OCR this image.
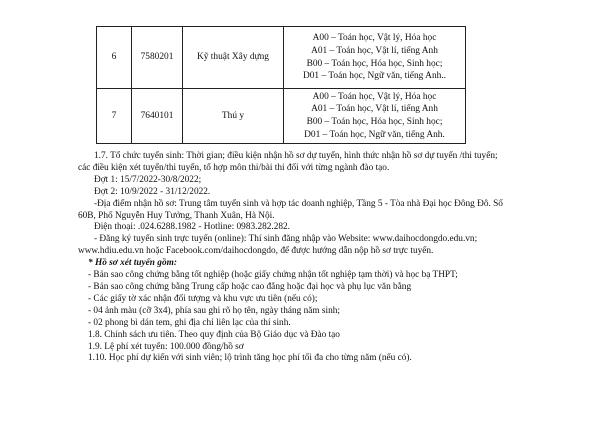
6	7580201	Kỹ thuật Xây dựng	A00 – Toán học, Vật lý, Hóa học
A01 – Toán học, Vật lí, tiếng Anh
B00 – Toán học, Hóa học, Sinh học;
D01 – Toán học, Ngữ văn, tiếng Anh..

7	7640101	Thú y	A00 – Toán học, Vật lý, Hóa học
A01 – Toán học, Vật lí, tiếng Anh
B00 – Toán học, Hóa học, Sinh học;
D01 – Toán học, Ngữ văn, tiếng Anh.
1.7. Tổ chức tuyển sinh: Thời gian; điều kiện nhận hồ sơ dự tuyển, hình thức nhận hồ sơ dự tuyển /thi tuyển;
các điều kiện xét tuyển/thi tuyển, tổ hợp môn thi/bài thi đối với từng ngành đào tạo.
Đợt 1: 15/7/2022-30/8/2022;
Đợt 2: 10/9/2022 - 31/12/2022.
-Địa điểm nhận hồ sơ: Trung tâm tuyển sinh và hợp tác doanh nghiệp, Tầng 5 - Tòa nhà Đại học Đông Đô. Số
60B, Phố Nguyễn Huy Tưởng, Thanh Xuân, Hà Nội.
Điện thoại: .024.6288.1982 - Hotline: 0983.282.282.
- Đăng ký tuyển sinh trực tuyến (online): Thí sinh đăng nhập vào Website: www.daihocdongdo.edu.vn;
www.hdiu.edu.vn hoặc Facebook.com/daihocdongdo, để được hướng dẫn nộp hồ sơ trực tuyến.
* Hồ sơ xét tuyển gồm:
- Bản sao công chứng bằng tốt nghiệp (hoặc giấy chứng nhận tốt nghiệp tạm thời) và học bạ THPT;
- Bản sao công chứng bằng Trung cấp hoặc cao đẳng hoặc đại học và phụ lục văn bằng
- Các giấy tờ xác nhận đối tượng và khu vực ưu tiên (nếu có);
- 04 ảnh màu (cỡ 3x4), phía sau ghi rõ họ tên, ngày tháng năm sinh;
- 02 phong bì dán tem, ghi địa chỉ liên lạc của thí sinh.
1.8. Chính sách ưu tiên. Theo quy định của Bộ Giáo dục và Đào tạo
1.9. Lệ phí xét tuyển: 100.000 đồng/hồ sơ
1.10. Học phí dự kiến với sinh viên; lộ trình tăng học phí tối đa cho từng năm (nếu có).
